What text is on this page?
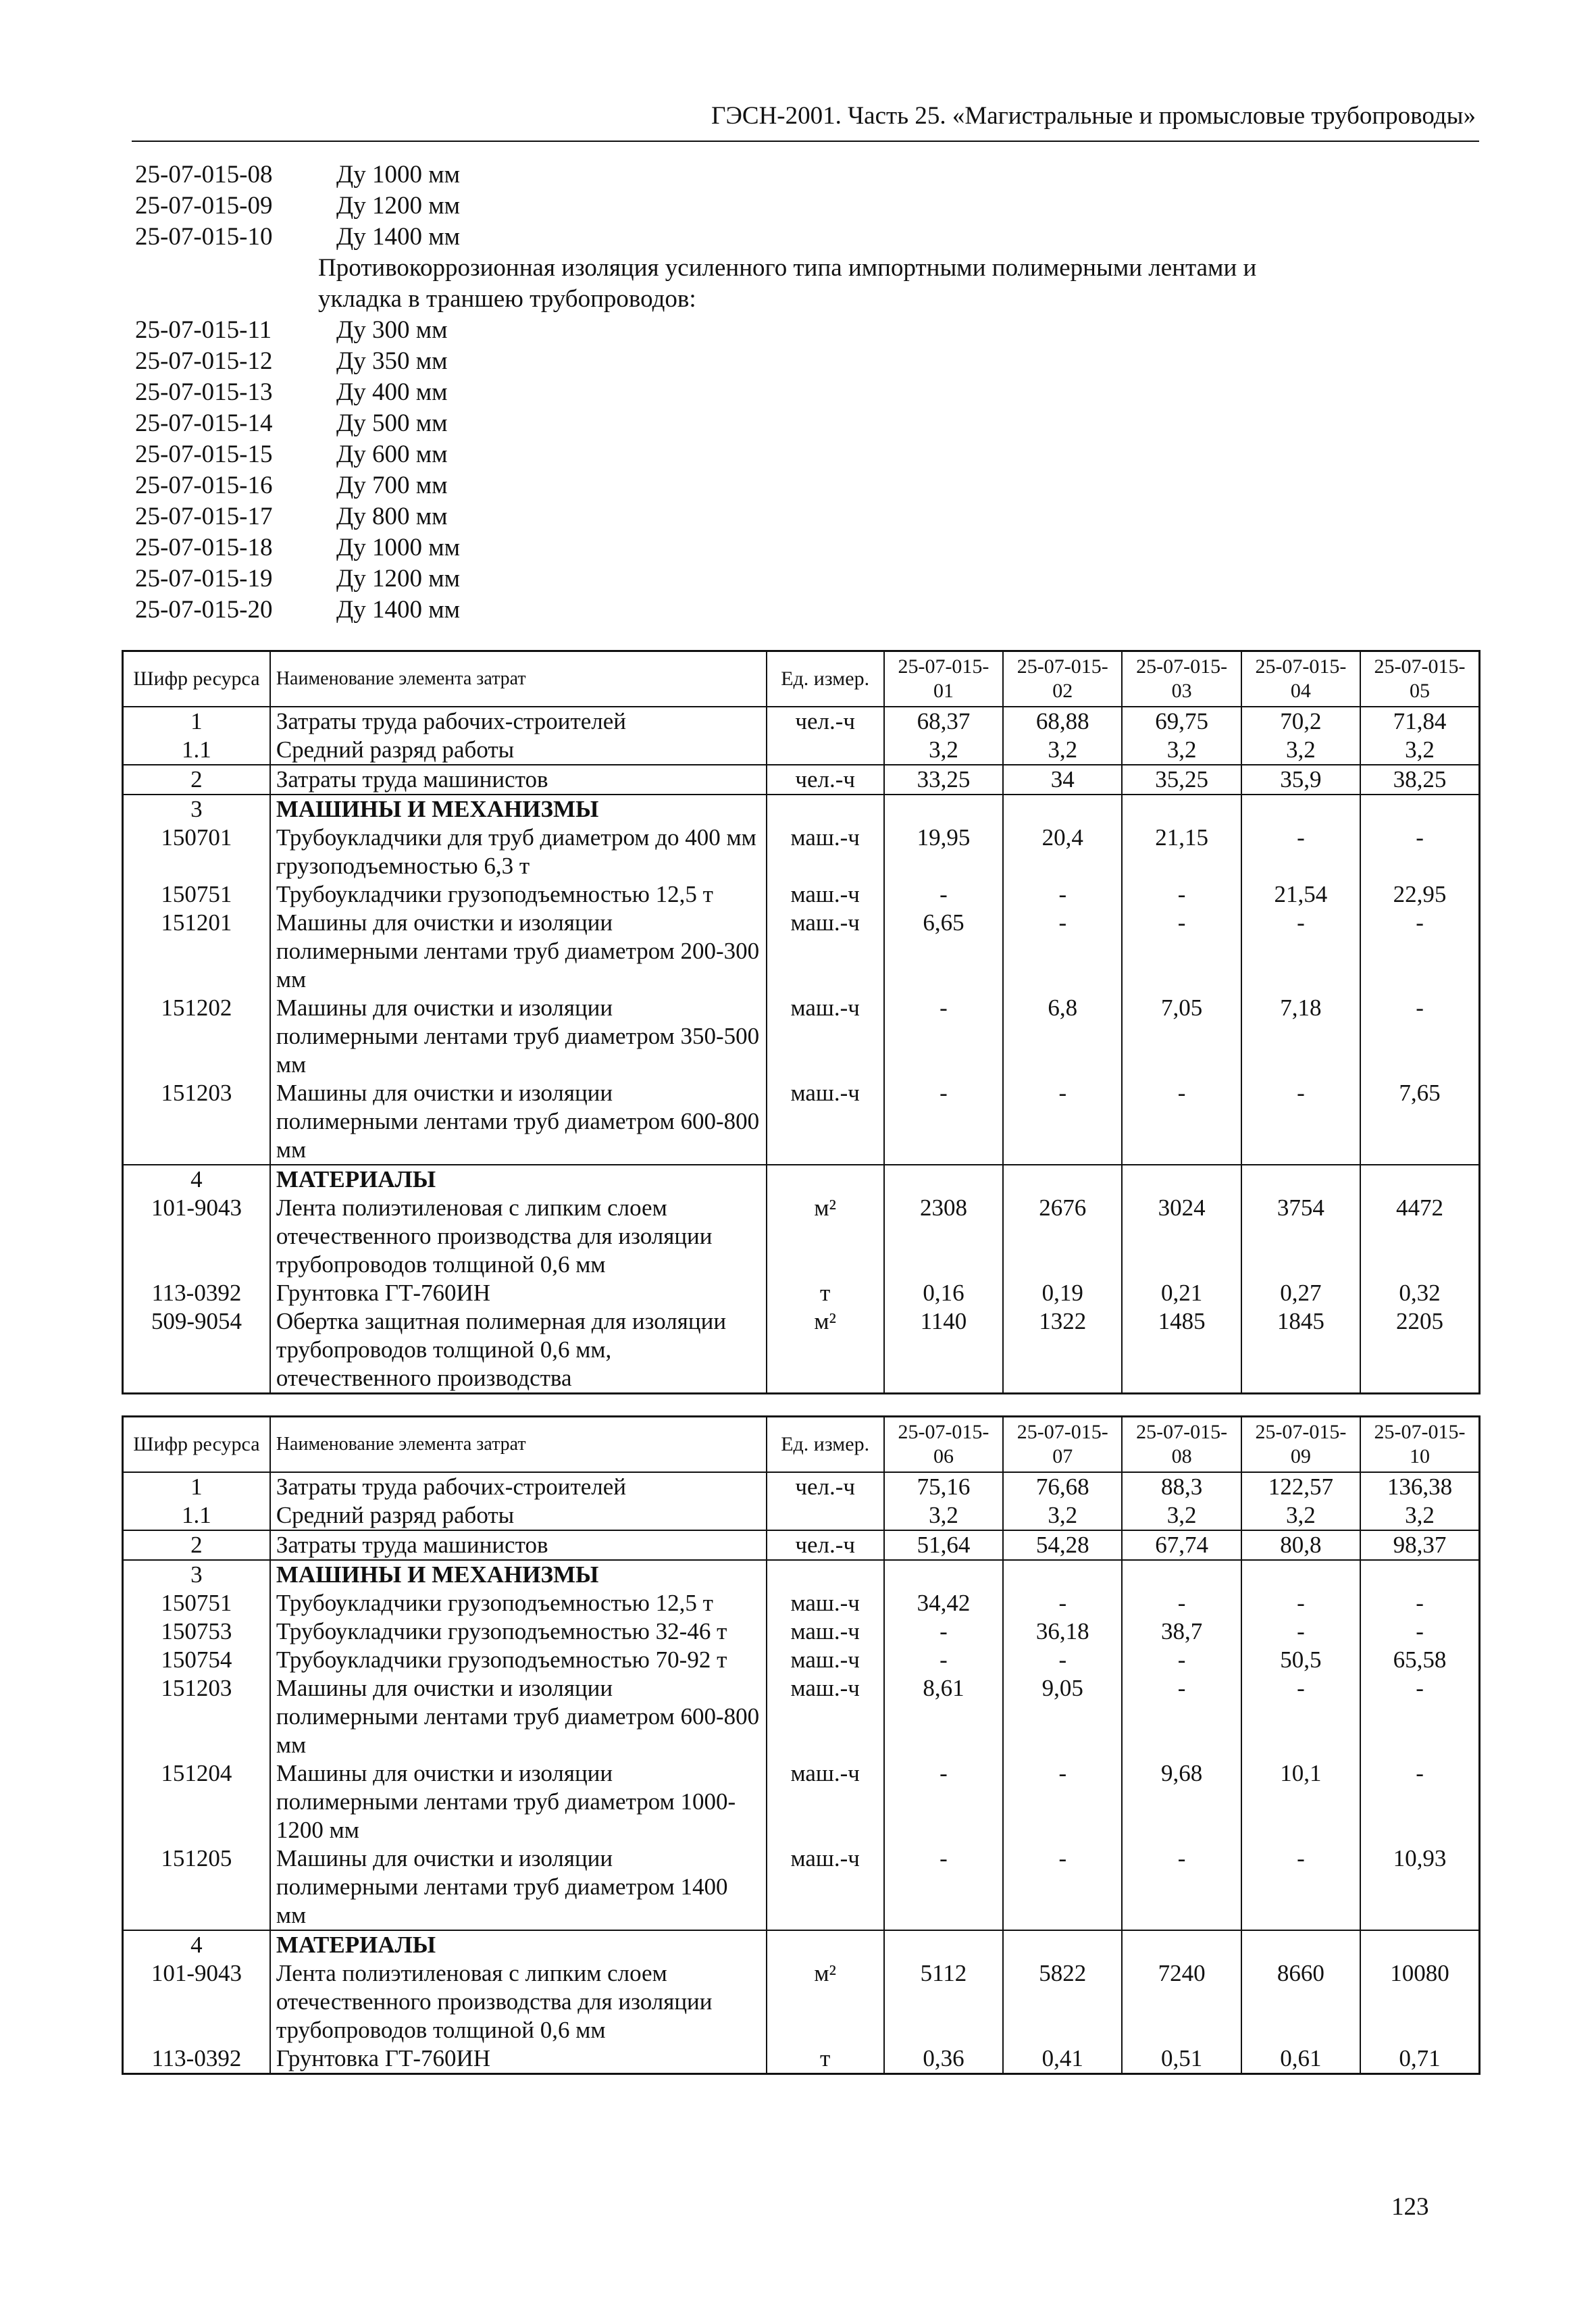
ГЭСН-2001. Часть 25. «Магистральные и промысловые трубопроводы»
25-07-015-08	Ду 1000 мм
25-07-015-09	Ду 1200 мм
25-07-015-10	Ду 1400 мм
Противокоррозионная изоляция усиленного типа импортными полимерными лентами и
укладка в траншею трубопроводов:
25-07-015-11	Ду 300 мм
25-07-015-12	Ду 350 мм
25-07-015-13	Ду 400 мм
25-07-015-14	Ду 500 мм
25-07-015-15	Ду 600 мм
25-07-015-16	Ду 700 мм
25-07-015-17	Ду 800 мм
25-07-015-18	Ду 1000 мм
25-07-015-19	Ду 1200 мм
25-07-015-20	Ду 1400 мм
Шифр ресурса	Наименование элемента затрат	Ед. измер.	25-07-015-01	25-07-015-02	25-07-015-03	25-07-015-04	25-07-015-05
1	Затраты труда рабочих-строителей	чел.-ч	68,37	68,88	69,75	70,2	71,84
1.1	Средний разряд работы		3,2	3,2	3,2	3,2	3,2
2	Затраты труда машинистов	чел.-ч	33,25	34	35,25	35,9	38,25
3	МАШИНЫ И МЕХАНИЗМЫ						
150701	Трубоукладчики для труб диаметром до 400 мм грузоподъемностью 6,3 т	маш.-ч	19,95	20,4	21,15	-	-
150751	Трубоукладчики грузоподъемностью 12,5 т	маш.-ч	-	-	-	21,54	22,95
151201	Машины для очистки и изоляции полимерными лентами труб диаметром 200-300 мм	маш.-ч	6,65	-	-	-	-
151202	Машины для очистки и изоляции полимерными лентами труб диаметром 350-500 мм	маш.-ч	-	6,8	7,05	7,18	-
151203	Машины для очистки и изоляции полимерными лентами труб диаметром 600-800 мм	маш.-ч	-	-	-	-	7,65
4	МАТЕРИАЛЫ						
101-9043	Лента полиэтиленовая с липким слоем отечественного производства для изоляции трубопроводов толщиной 0,6 мм	м²	2308	2676	3024	3754	4472
113-0392	Грунтовка ГТ-760ИН	т	0,16	0,19	0,21	0,27	0,32
509-9054	Обертка защитная полимерная для изоляции трубопроводов толщиной 0,6 мм, отечественного производства	м²	1140	1322	1485	1845	2205
Шифр ресурса	Наименование элемента затрат	Ед. измер.	25-07-015-06	25-07-015-07	25-07-015-08	25-07-015-09	25-07-015-10
1	Затраты труда рабочих-строителей	чел.-ч	75,16	76,68	88,3	122,57	136,38
1.1	Средний разряд работы		3,2	3,2	3,2	3,2	3,2
2	Затраты труда машинистов	чел.-ч	51,64	54,28	67,74	80,8	98,37
3	МАШИНЫ И МЕХАНИЗМЫ						
150751	Трубоукладчики грузоподъемностью 12,5 т	маш.-ч	34,42	-	-	-	-
150753	Трубоукладчики грузоподъемностью 32-46 т	маш.-ч	-	36,18	38,7	-	-
150754	Трубоукладчики грузоподъемностью 70-92 т	маш.-ч	-	-	-	50,5	65,58
151203	Машины для очистки и изоляции полимерными лентами труб диаметром 600-800 мм	маш.-ч	8,61	9,05	-	-	-
151204	Машины для очистки и изоляции полимерными лентами труб диаметром 1000-1200 мм	маш.-ч	-	-	9,68	10,1	-
151205	Машины для очистки и изоляции полимерными лентами труб диаметром 1400 мм	маш.-ч	-	-	-	-	10,93
4	МАТЕРИАЛЫ						
101-9043	Лента полиэтиленовая с липким слоем отечественного производства для изоляции трубопроводов толщиной 0,6 мм	м²	5112	5822	7240	8660	10080
113-0392	Грунтовка ГТ-760ИН	т	0,36	0,41	0,51	0,61	0,71
123
